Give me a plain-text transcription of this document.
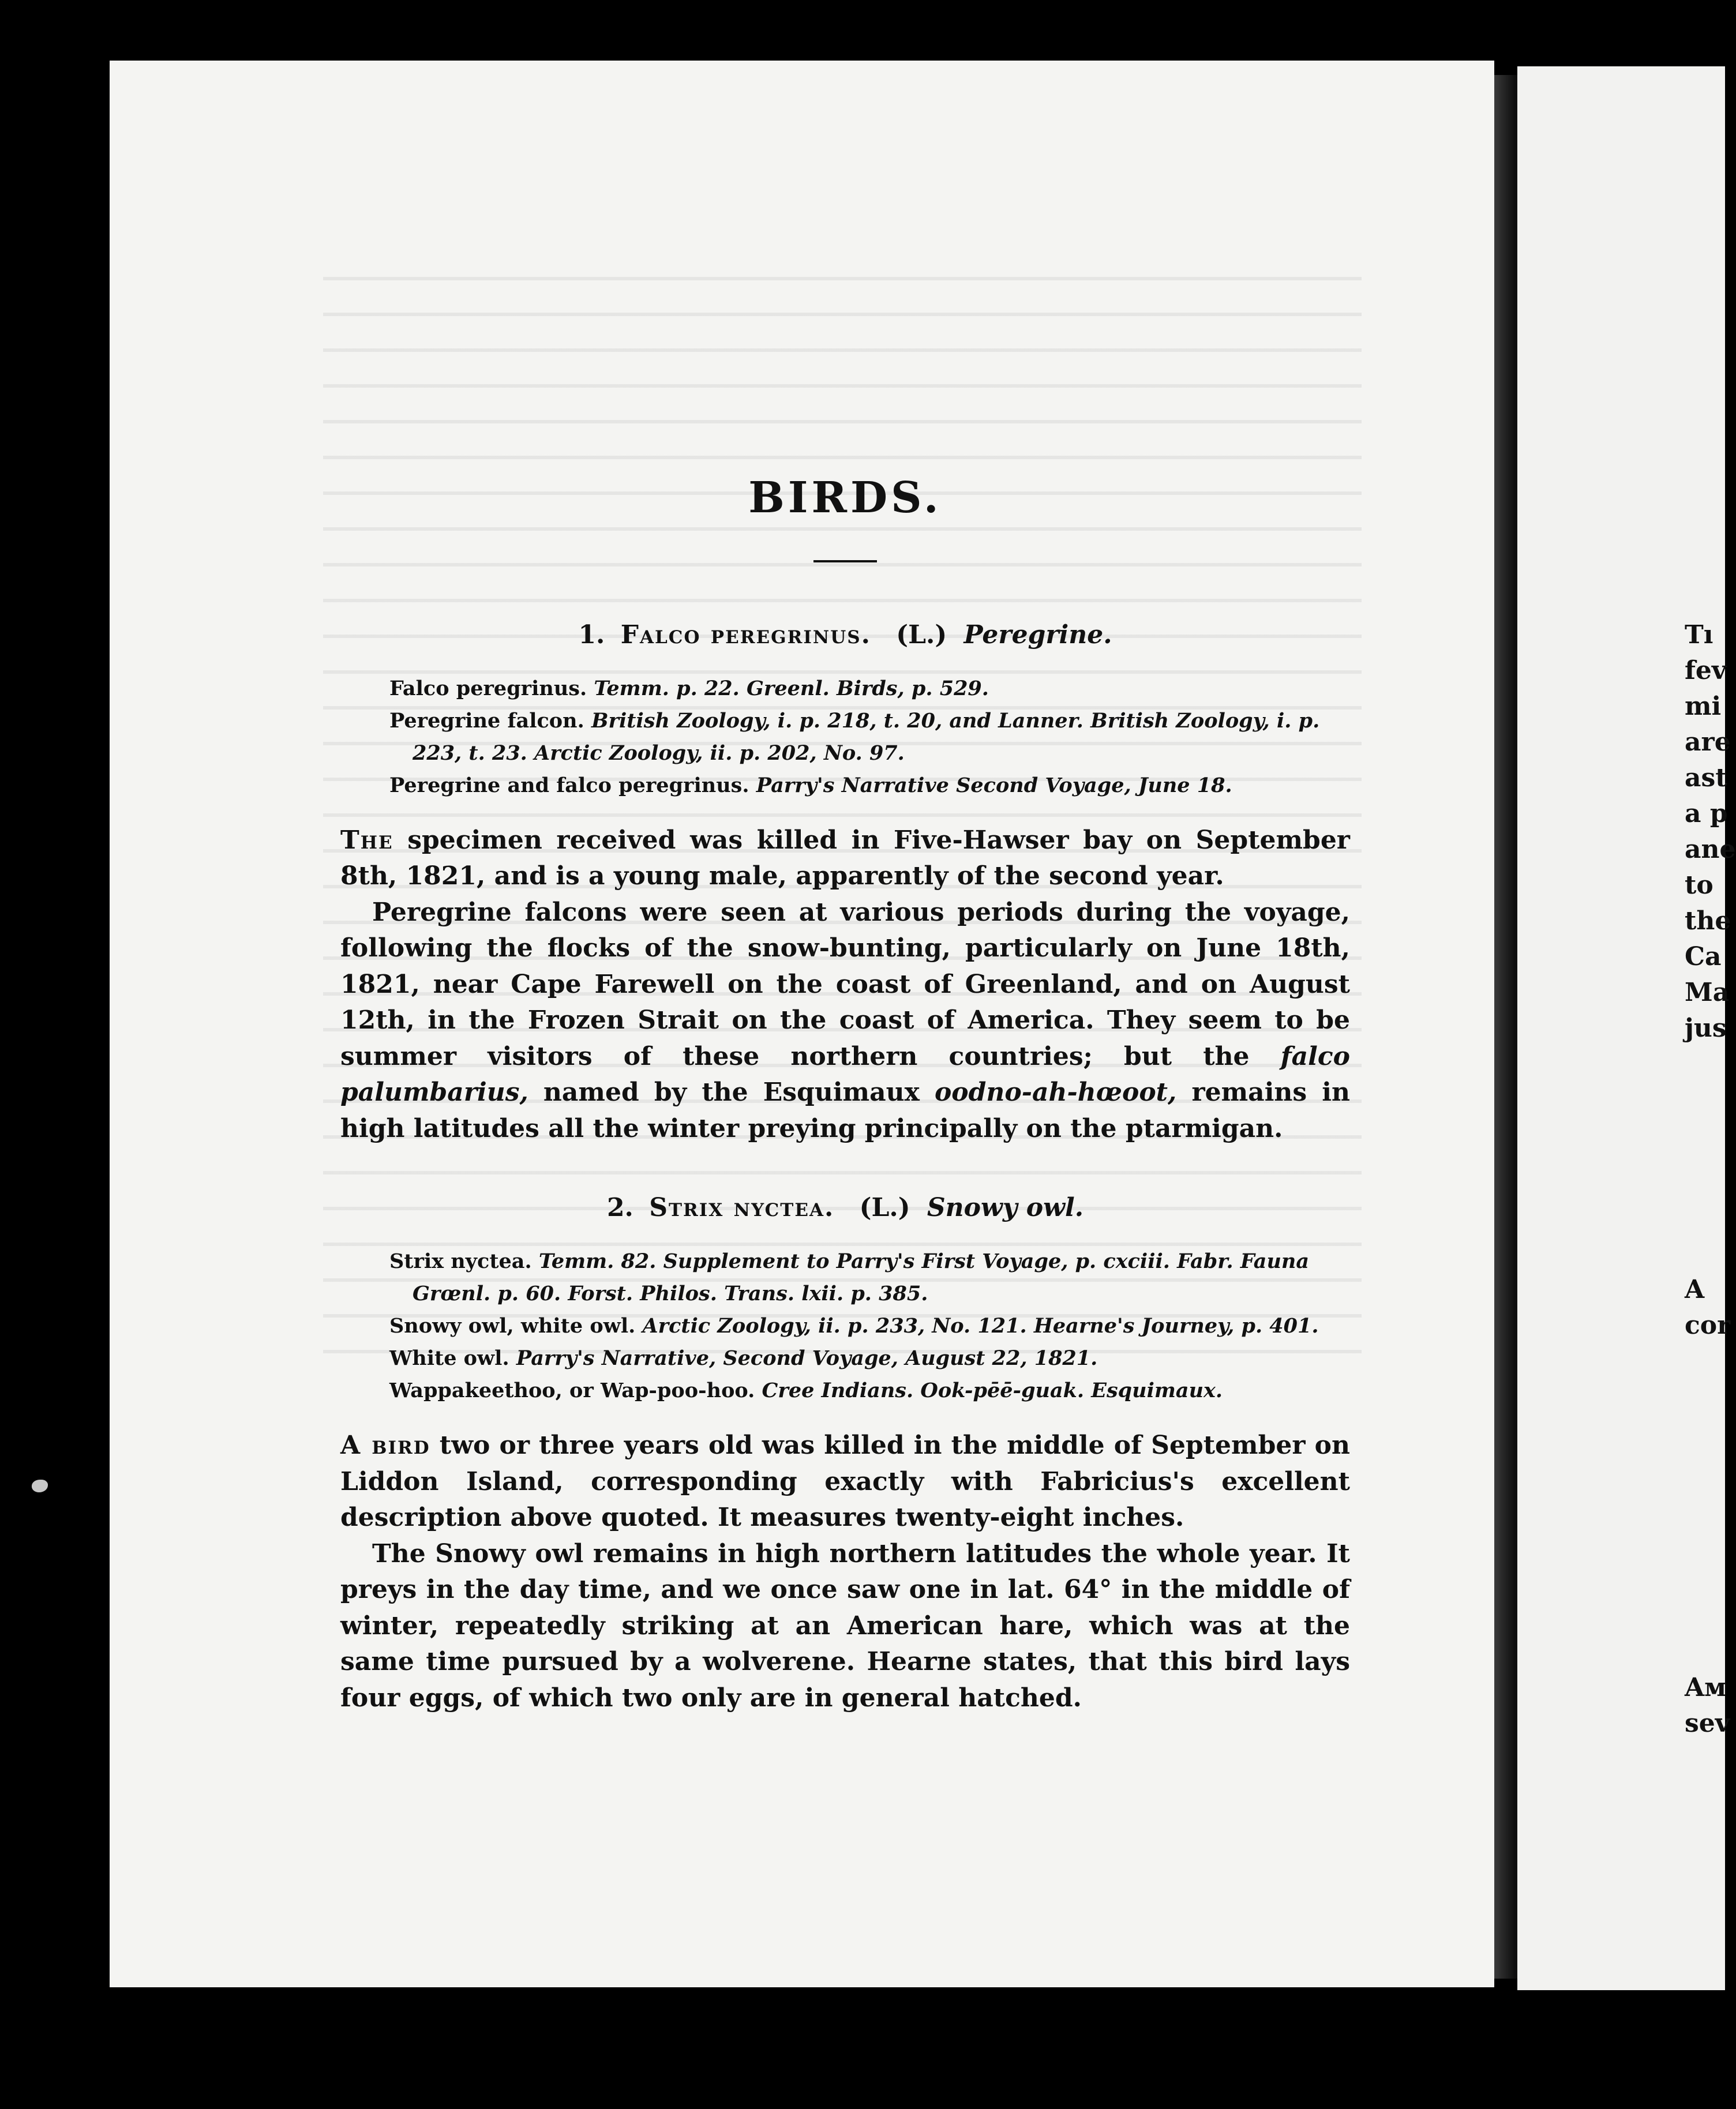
BIRDS.
1. Falco peregrinus. (L.) Peregrine.
Falco peregrinus. Temm. p. 22. Greenl. Birds, p. 529.
Peregrine falcon. British Zoology, i. p. 218, t. 20, and Lanner. British Zoology, i. p. 223, t. 23. Arctic Zoology, ii. p. 202, No. 97.
Peregrine and falco peregrinus. Parry's Narrative Second Voyage, June 18.

The specimen received was killed in Five-Hawser bay on September 8th, 1821, and is a young male, apparently of the second year.

Peregrine falcons were seen at various periods during the voyage, following the flocks of the snow-bunting, particularly on June 18th, 1821, near Cape Farewell on the coast of Greenland, and on August 12th, in the Frozen Strait on the coast of America. They seem to be summer visitors of these northern countries; but the falco palumbarius, named by the Esquimaux oodno-ah-hœoot, remains in high latitudes all the winter preying principally on the ptarmigan.

2. Strix nyctea. (L.) Snowy owl.
Strix nyctea. Temm. 82. Supplement to Parry's First Voyage, p. cxciii. Fabr. Fauna Grœnl. p. 60. Forst. Philos. Trans. lxii. p. 385.
Snowy owl, white owl. Arctic Zoology, ii. p. 233, No. 121. Hearne's Journey, p. 401.
White owl. Parry's Narrative, Second Voyage, August 22, 1821.
Wappakeethoo, or Wap-poo-hoo. Cree Indians. Ook-pēē-guak. Esquimaux.

A bird two or three years old was killed in the middle of September on Liddon Island, corresponding exactly with Fabricius's excellent description above quoted. It measures twenty-eight inches.

The Snowy owl remains in high northern latitudes the whole year. It preys in the day time, and we once saw one in lat. 64° in the middle of winter, repeatedly striking at an American hare, which was at the same time pursued by a wolverene. Hearne states, that this bird lays four eggs, of which two only are in general hatched.

Tı
fev
mi
are
ast
a p
ane
to
the
Ca
Ma
jus
A
cor
Aм
sev
